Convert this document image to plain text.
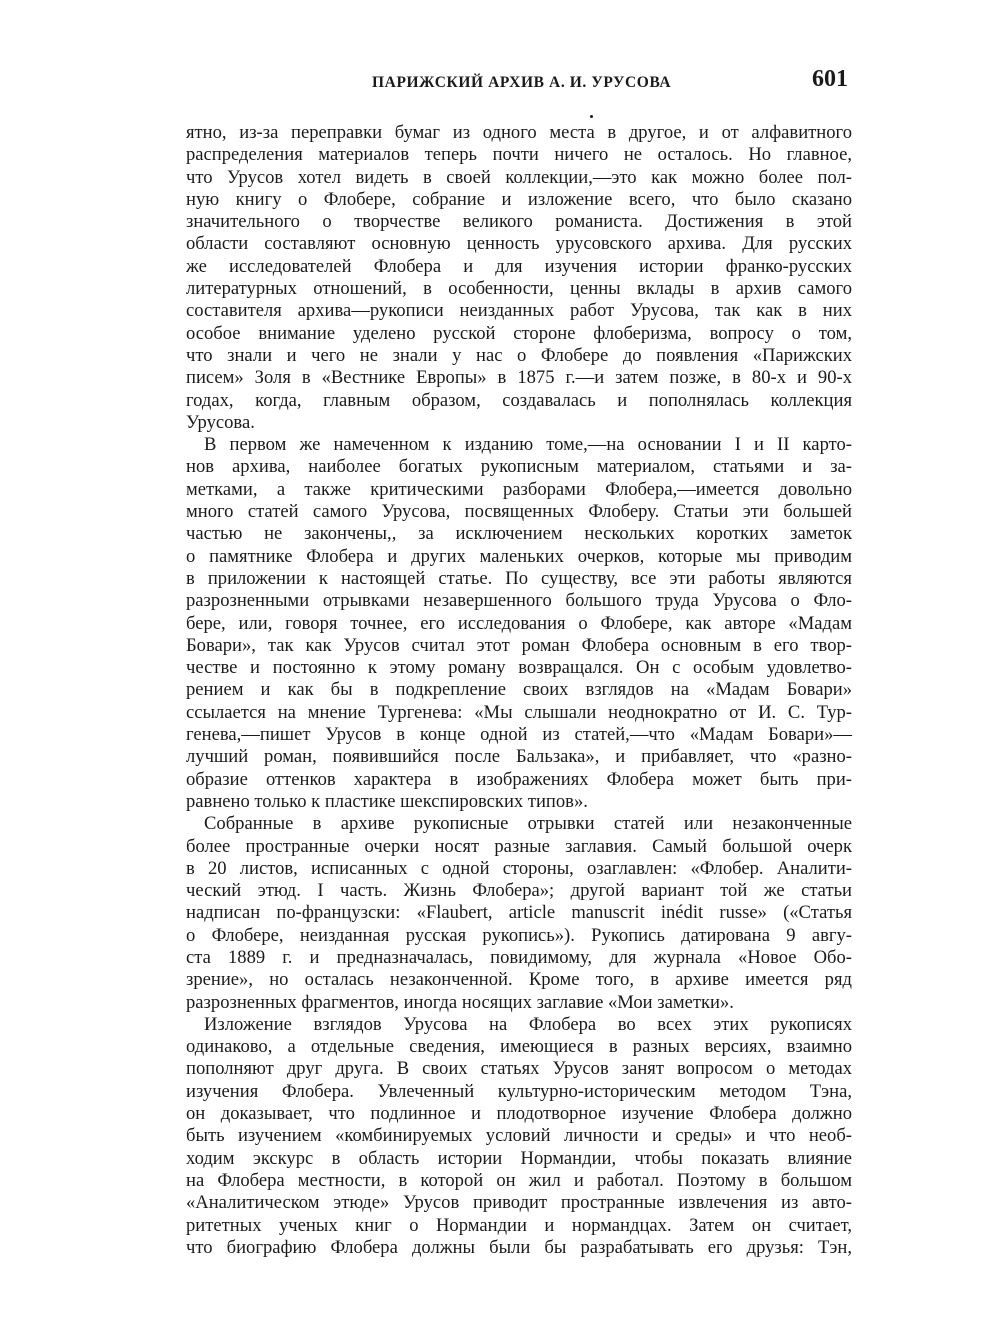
ПАРИЖСКИЙ АРХИВ А. И. УРУСОВА	601
ятно, из-за переправки бумаг из одного места в другое, и от алфавитного
распределения материалов теперь почти ничего не осталось. Но главное,
что Урусов хотел видеть в своей коллекции,—это как можно более пол-
ную книгу о Флобере, собрание и изложение всего, что было сказано
значительного о творчестве великого романиста. Достижения в этой
области составляют основную ценность урусовского архива. Для русских
же исследователей Флобера и для изучения истории франко-русских
литературных отношений, в особенности, ценны вклады в архив самого
составителя архива—рукописи неизданных работ Урусова, так как в них
особое внимание уделено русской стороне флоберизма, вопросу о том,
что знали и чего не знали у нас о Флобере до появления «Парижских
писем» Золя в «Вестнике Европы» в 1875 г.—и затем позже, в 80-х и 90-х
годах, когда, главным образом, создавалась и пополнялась коллекция
Урусова.
В первом же намеченном к изданию томе,—на основании I и II карто-
нов архива, наиболее богатых рукописным материалом, статьями и за-
метками, а также критическими разборами Флобера,—имеется довольно
много статей самого Урусова, посвященных Флоберу. Статьи эти большей
частью не закончены,, за исключением нескольких коротких заметок
о памятнике Флобера и других маленьких очерков, которые мы приводим
в приложении к настоящей статье. По существу, все эти работы являются
разрозненными отрывками незавершенного большого труда Урусова о Фло-
бере, или, говоря точнее, его исследования о Флобере, как авторе «Мадам
Бовари», так как Урусов считал этот роман Флобера основным в его твор-
честве и постоянно к этому роману возвращался. Он с особым удовлетво-
рением и как бы в подкрепление своих взглядов на «Мадам Бовари»
ссылается на мнение Тургенева: «Мы слышали неоднократно от И. С. Тур-
генева,—пишет Урусов в конце одной из статей,—что «Мадам Бовари»—
лучший роман, появившийся после Бальзака», и прибавляет, что «разно-
образие оттенков характера в изображениях Флобера может быть при-
равнено только к пластике шекспировских типов».
Собранные в архиве рукописные отрывки статей или незаконченные
более пространные очерки носят разные заглавия. Самый большой очерк
в 20 листов, исписанных с одной стороны, озаглавлен: «Флобер. Аналити-
ческий этюд. I часть. Жизнь Флобера»; другой вариант той же статьи
надписан по-французски: «Flaubert, article manuscrit inédit russe» («Статья
о Флобере, неизданная русская рукопись»). Рукопись датирована 9 авгу-
ста 1889 г. и предназначалась, повидимому, для журнала «Новое Обо-
зрение», но осталась незаконченной. Кроме того, в архиве имеется ряд
разрозненных фрагментов, иногда носящих заглавие «Мои заметки».
Изложение взглядов Урусова на Флобера во всех этих рукописях
одинаково, а отдельные сведения, имеющиеся в разных версиях, взаимно
пополняют друг друга. В своих статьях Урусов занят вопросом о методах
изучения Флобера. Увлеченный культурно-историческим методом Тэна,
он доказывает, что подлинное и плодотворное изучение Флобера должно
быть изучением «комбинируемых условий личности и среды» и что необ-
ходим экскурс в область истории Нормандии, чтобы показать влияние
на Флобера местности, в которой он жил и работал. Поэтому в большом
«Аналитическом этюде» Урусов приводит пространные извлечения из авто-
ритетных ученых книг о Нормандии и нормандцах. Затем он считает,
что биографию Флобера должны были бы разрабатывать его друзья: Тэн,
